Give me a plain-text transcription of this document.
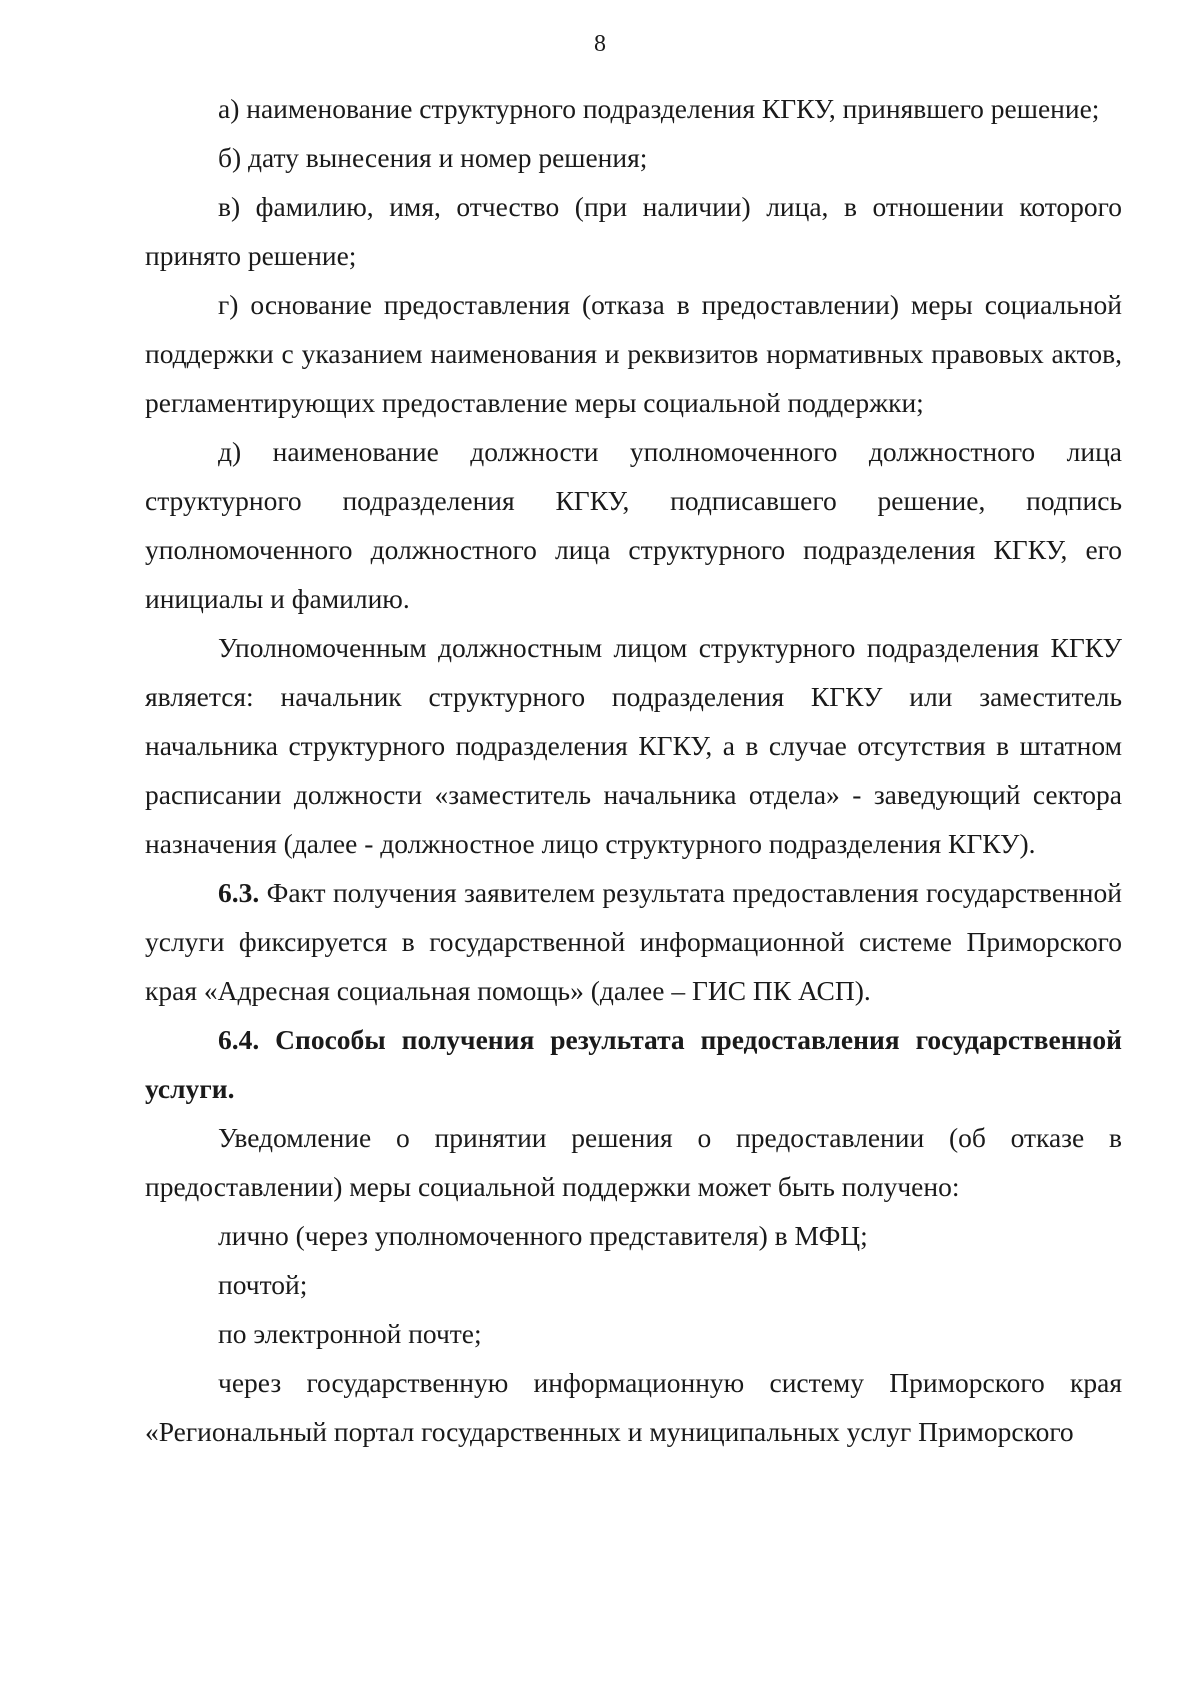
8

а) наименование структурного подразделения КГКУ, принявшего решение;

б) дату вынесения и номер решения;

в) фамилию, имя, отчество (при наличии) лица, в отношении которого принято решение;

г) основание предоставления (отказа в предоставлении) меры социальной поддержки с указанием наименования и реквизитов нормативных правовых актов, регламентирующих предоставление меры социальной поддержки;

д) наименование должности уполномоченного должностного лица структурного подразделения КГКУ, подписавшего решение, подпись уполномоченного должностного лица структурного подразделения КГКУ, его инициалы и фамилию.

Уполномоченным должностным лицом структурного подразделения КГКУ является: начальник структурного подразделения КГКУ или заместитель начальника структурного подразделения КГКУ, а в случае отсутствия в штатном расписании должности «заместитель начальника отдела» - заведующий сектора назначения (далее - должностное лицо структурного подразделения КГКУ).

6.3. Факт получения заявителем результата предоставления государственной услуги фиксируется в государственной информационной системе Приморского края «Адресная социальная помощь» (далее – ГИС ПК АСП).

6.4. Способы получения результата предоставления государственной услуги.

Уведомление о принятии решения о предоставлении (об отказе в предоставлении) меры социальной поддержки может быть получено:

лично (через уполномоченного представителя) в МФЦ;

почтой;

по электронной почте;

через государственную информационную систему Приморского края «Региональный портал государственных и муниципальных услуг Приморского
